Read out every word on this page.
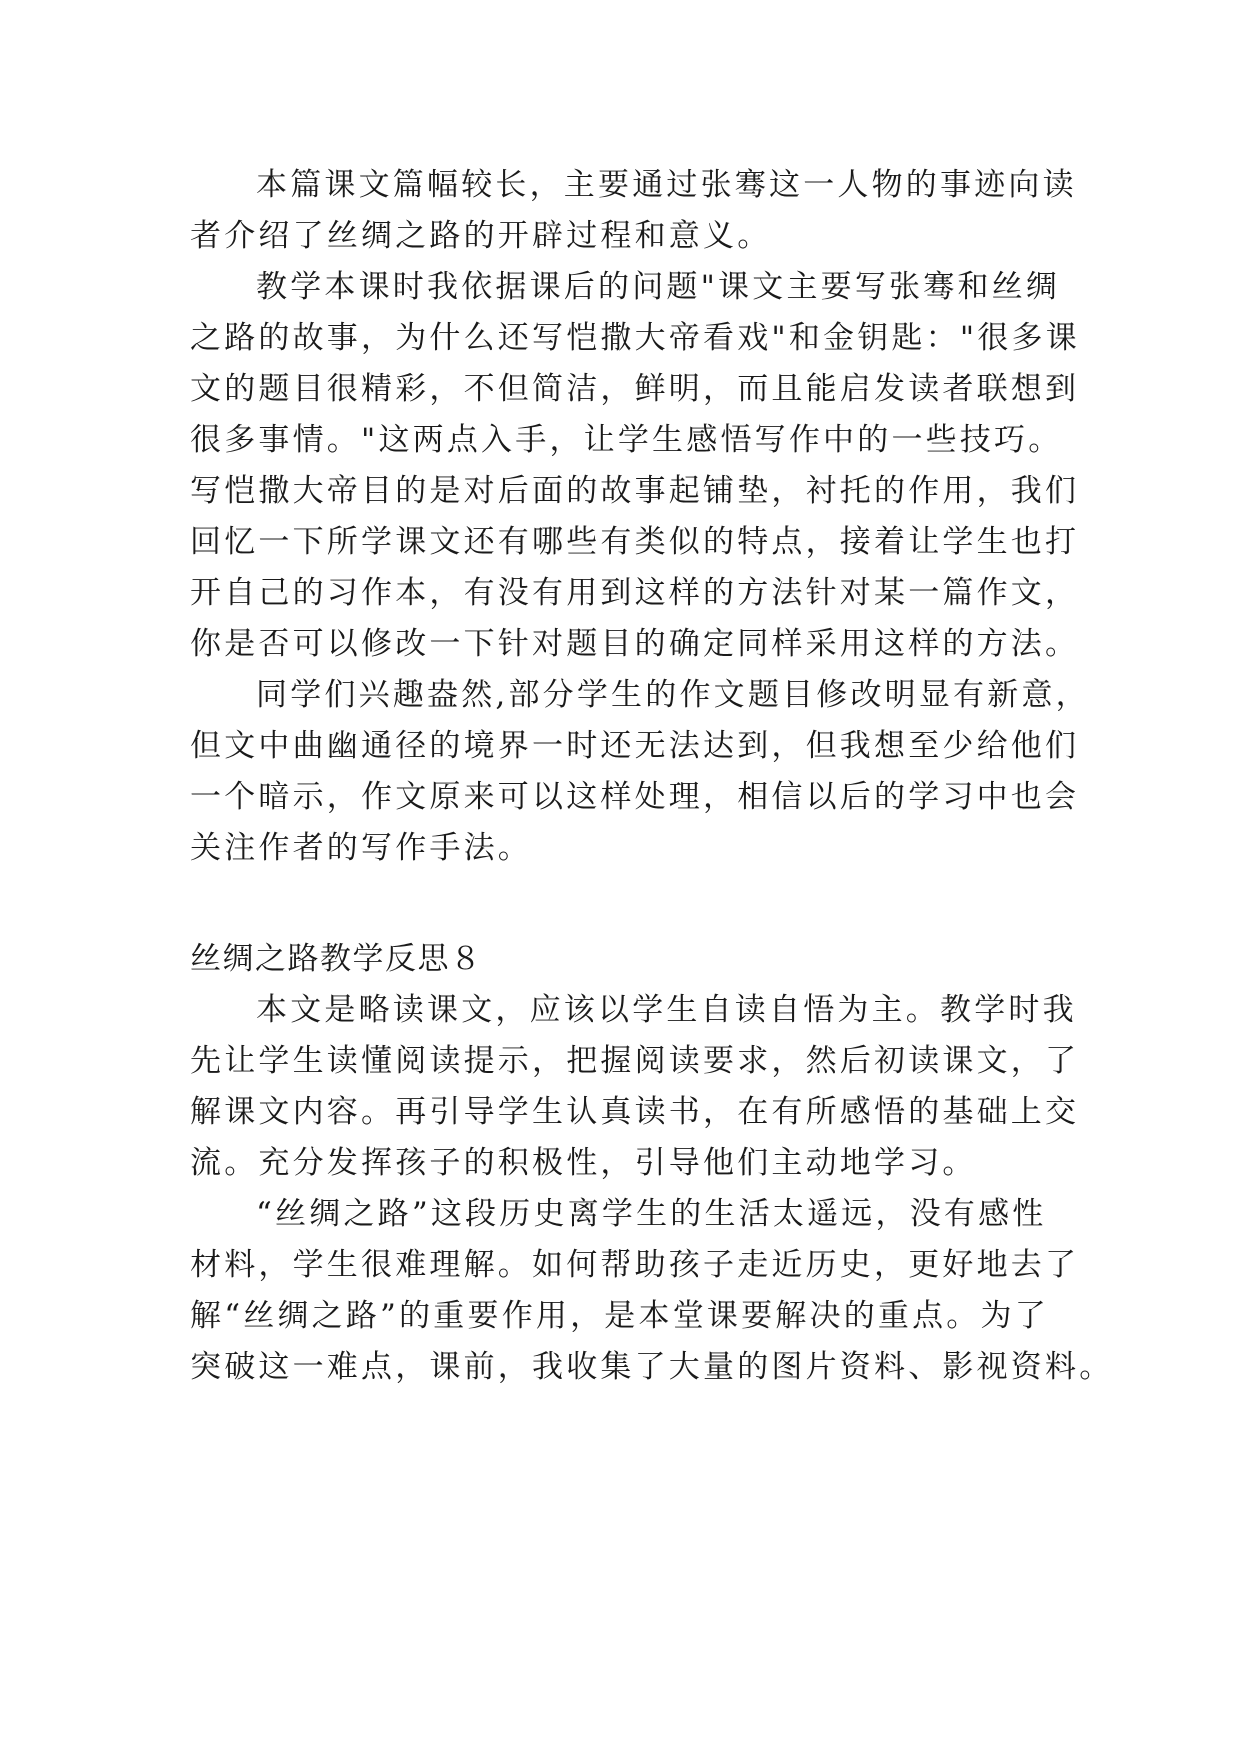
本篇课文篇幅较长，主要通过张骞这一人物的事迹向读
者介绍了丝绸之路的开辟过程和意义。
教学本课时我依据课后的问题"课文主要写张骞和丝绸
之路的故事，为什么还写恺撒大帝看戏"和金钥匙："很多课
文的题目很精彩，不但简洁，鲜明，而且能启发读者联想到
很多事情。"这两点入手，让学生感悟写作中的一些技巧。
写恺撒大帝目的是对后面的故事起铺垫，衬托的作用，我们
回忆一下所学课文还有哪些有类似的特点，接着让学生也打
开自己的习作本，有没有用到这样的方法针对某一篇作文，
你是否可以修改一下针对题目的确定同样采用这样的方法。
同学们兴趣盎然,部分学生的作文题目修改明显有新意，
但文中曲幽通径的境界一时还无法达到，但我想至少给他们
一个暗示，作文原来可以这样处理，相信以后的学习中也会
关注作者的写作手法。
丝绸之路教学反思８
本文是略读课文，应该以学生自读自悟为主。教学时我
先让学生读懂阅读提示，把握阅读要求，然后初读课文，了
解课文内容。再引导学生认真读书，在有所感悟的基础上交
流。充分发挥孩子的积极性，引导他们主动地学习。
“丝绸之路”这段历史离学生的生活太遥远，没有感性
材料，学生很难理解。如何帮助孩子走近历史，更好地去了
解“丝绸之路”的重要作用，是本堂课要解决的重点。为了
突破这一难点，课前，我收集了大量的图片资料、影视资料。
